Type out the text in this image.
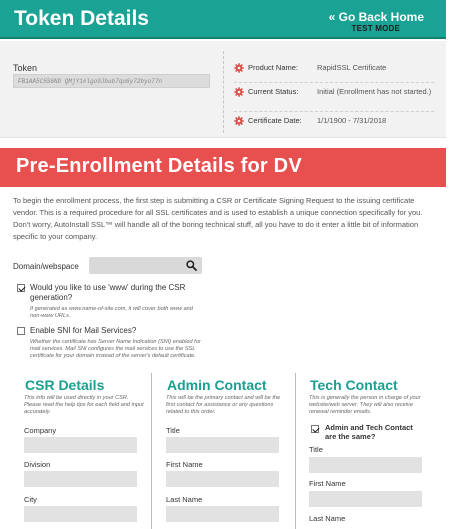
Token Details	« Go Back Home
TEST MODE
Token
FB1AA5C5S6ND QMjY1#lgo9Jbub7qu6y72byo77n
Product Name:	RapidSSL Certificate
Current Status: Initial (Enrollment has not started.)
Certificate Date: 1/1/1900 - 7/31/2018
Pre-Enrollment Details for DV
To begin the enrollment process, the first step is submitting a CSR or Certificate Signing Request to the issuing certificate vendor. This is a required procedure for all SSL certificates and is used to establish a unique connection specifically for you. Don't worry, AutoInstall SSL™ will handle all of the boring technical stuff, all you have to do it enter a little bit of information specific to your company.
Domain/webspace
Would you like to use 'www' during the CSR generation?
If generated as www.name-of-site.com, it will cover both www and non-www URLs.
Enable SNI for Mail Services?
Whether the certificate has Server Name Indication (SNI) enabled for mail services. Mail SNI configures the mail services to use the SSL certificate for your domain instead of the server's default certificate.
CSR Details
This info will be used directly in your CSR. Please read the help tips for each field and input accurately.
Company
Division
City
Admin Contact
This will be the primary contact and will be the first contact for assistance or any questions related to this order.
Title
First Name
Last Name
Tech Contact
This is generally the person in charge of your website/web server. They will also receive renewal reminder emails.
Admin and Tech Contact are the same?
Title
First Name
Last Name
